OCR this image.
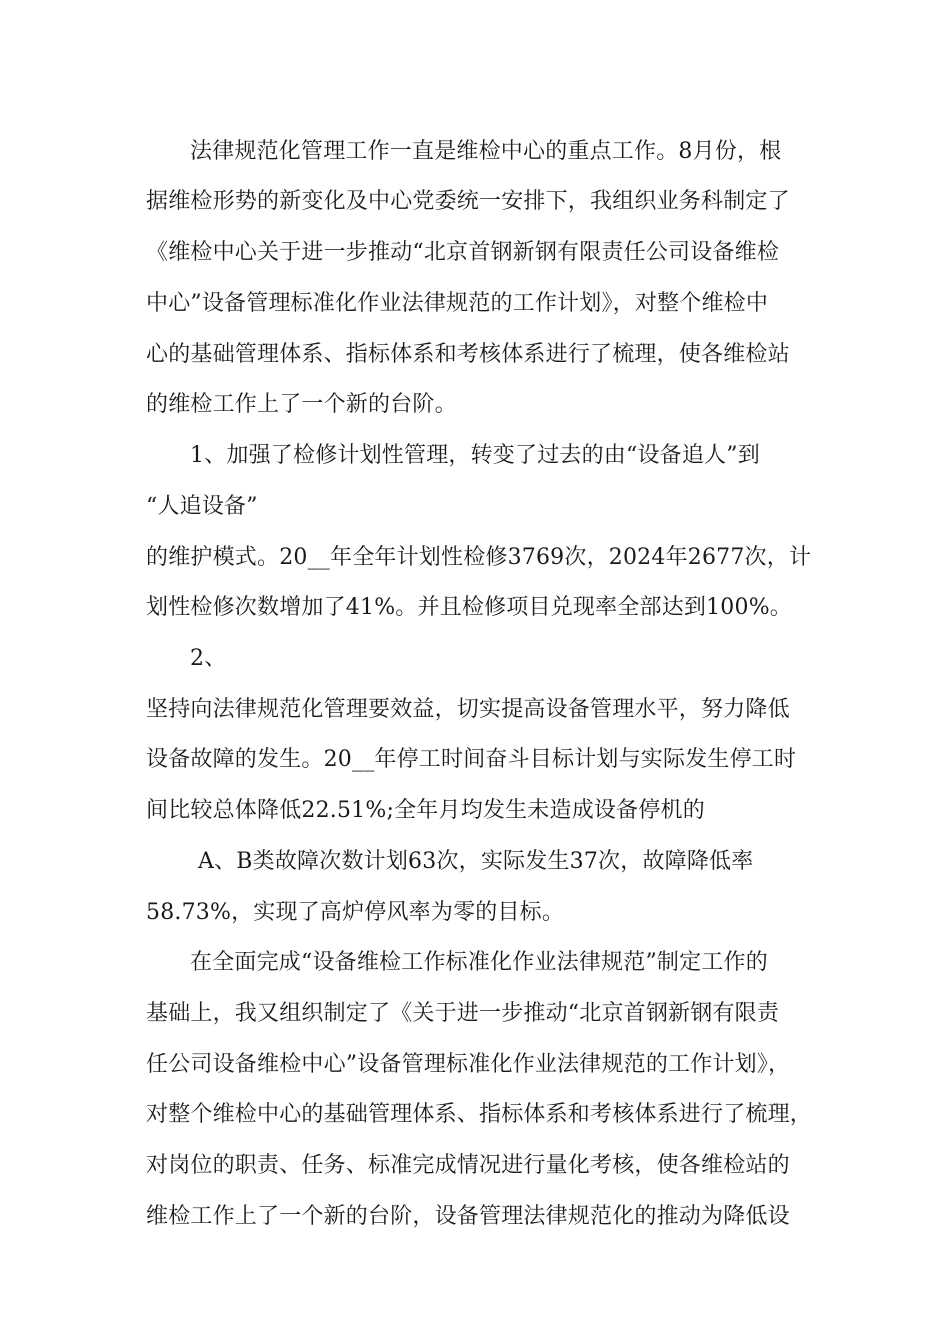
法律规范化管理工作一直是维检中心的重点工作。8月份，根

据维检形势的新变化及中心党委统一安排下，我组织业务科制定了

《维检中心关于进一步推动“北京首钢新钢有限责任公司设备维检

中心”设备管理标准化作业法律规范的工作计划》，对整个维检中

心的基础管理体系、指标体系和考核体系进行了梳理，使各维检站

的维检工作上了一个新的台阶。

1、加强了检修计划性管理，转变了过去的由“设备追人”到

“人追设备”

的维护模式。20__年全年计划性检修3769次，2024年2677次，计

划性检修次数增加了41%。并且检修项目兑现率全部达到100%。

2、

坚持向法律规范化管理要效益，切实提高设备管理水平，努力降低

设备故障的发生。20__年停工时间奋斗目标计划与实际发生停工时

间比较总体降低22.51%;全年月均发生未造成设备停机的

A、B类故障次数计划63次，实际发生37次，故障降低率

58.73%，实现了高炉停风率为零的目标。

在全面完成“设备维检工作标准化作业法律规范”制定工作的

基础上，我又组织制定了《关于进一步推动“北京首钢新钢有限责

任公司设备维检中心”设备管理标准化作业法律规范的工作计划》，

对整个维检中心的基础管理体系、指标体系和考核体系进行了梳理，

对岗位的职责、任务、标准完成情况进行量化考核，使各维检站的

维检工作上了一个新的台阶，设备管理法律规范化的推动为降低设
